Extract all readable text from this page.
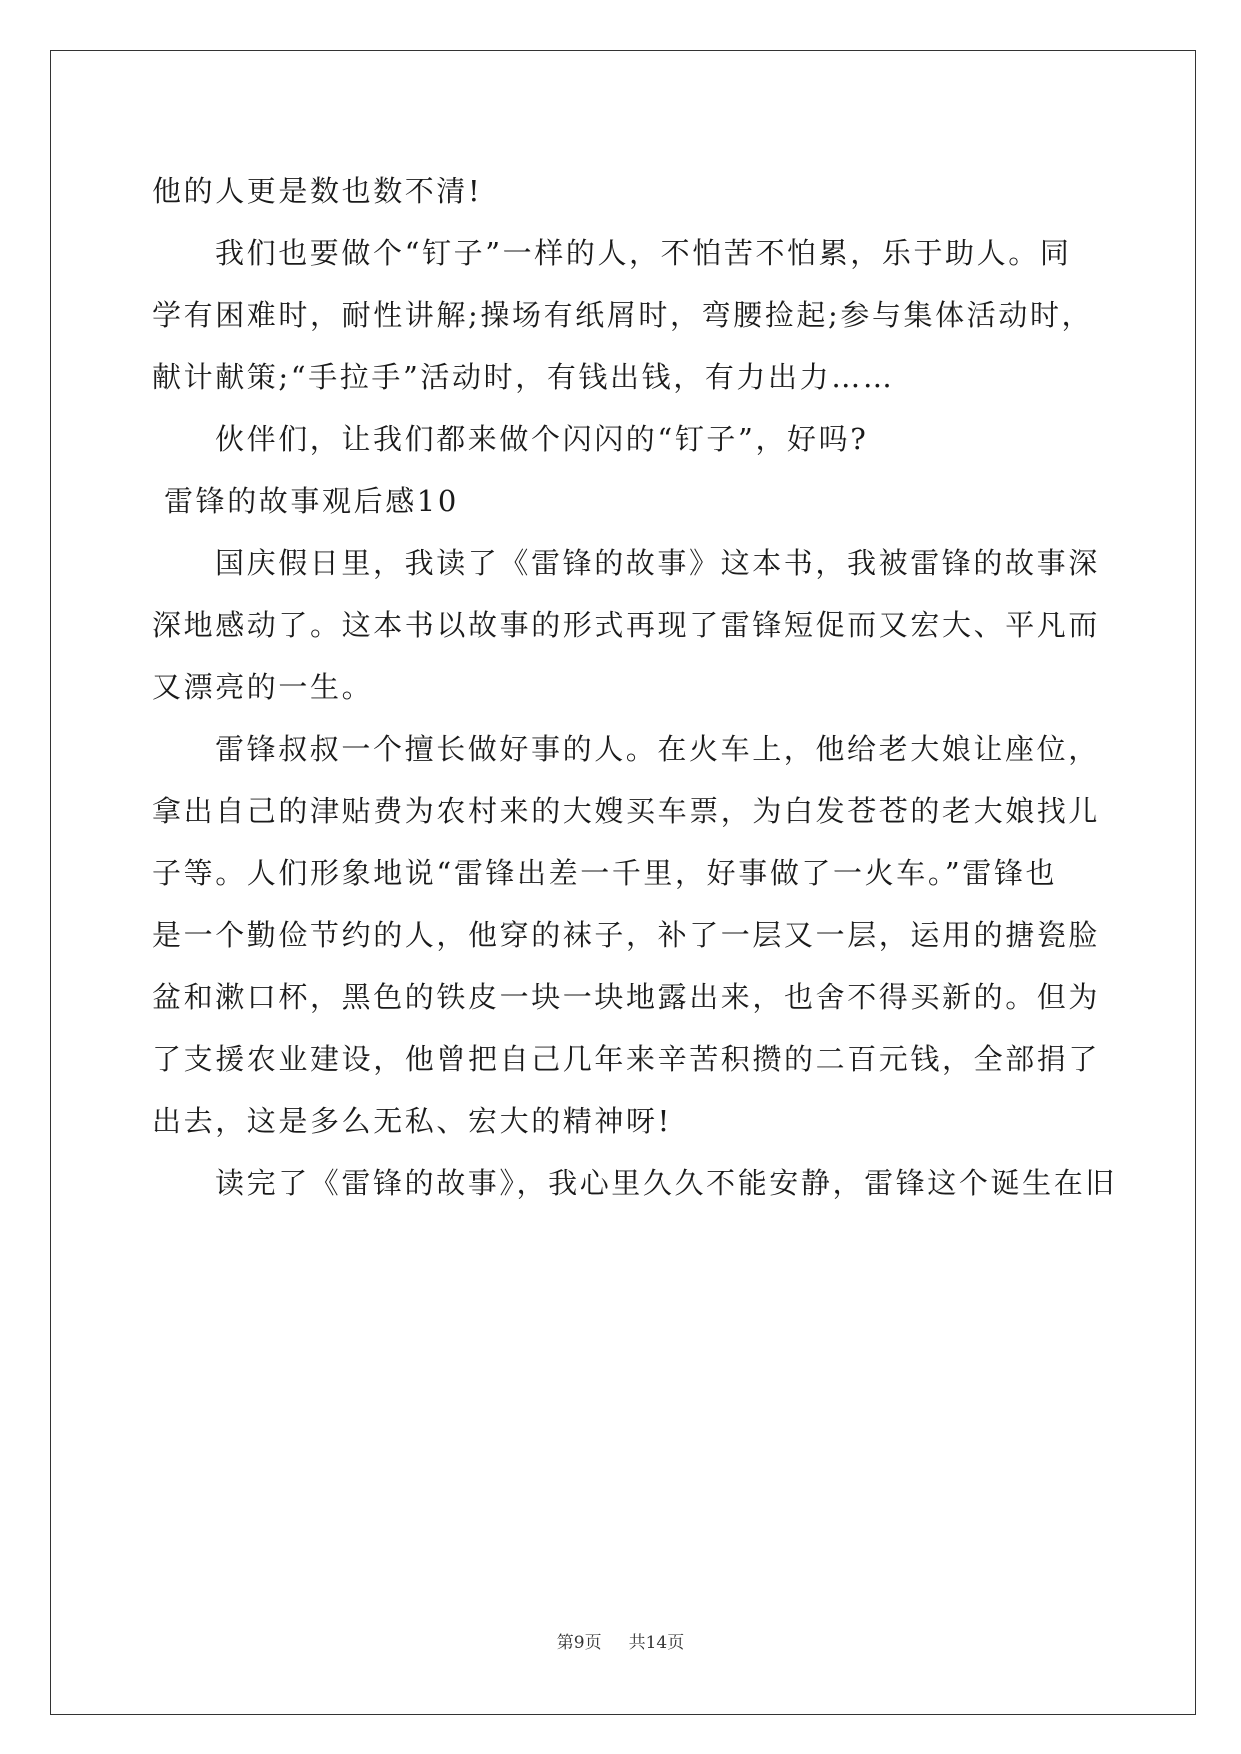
他的人更是数也数不清!
我们也要做个“钉子”一样的人，不怕苦不怕累，乐于助人。同
学有困难时，耐性讲解;操场有纸屑时，弯腰捡起;参与集体活动时，
献计献策;“手拉手”活动时，有钱出钱，有力出力……
伙伴们，让我们都来做个闪闪的“钉子”，好吗?
雷锋的故事观后感10
国庆假日里，我读了《雷锋的故事》这本书，我被雷锋的故事深
深地感动了。这本书以故事的形式再现了雷锋短促而又宏大、平凡而
又漂亮的一生。
雷锋叔叔一个擅长做好事的人。在火车上，他给老大娘让座位，
拿出自己的津贴费为农村来的大嫂买车票，为白发苍苍的老大娘找儿
子等。人们形象地说“雷锋出差一千里，好事做了一火车。”雷锋也
是一个勤俭节约的人，他穿的袜子，补了一层又一层，运用的搪瓷脸
盆和漱口杯，黑色的铁皮一块一块地露出来，也舍不得买新的。但为
了支援农业建设，他曾把自己几年来辛苦积攒的二百元钱，全部捐了
出去，这是多么无私、宏大的精神呀!
读完了《雷锋的故事》，我心里久久不能安静，雷锋这个诞生在旧
第9页 共14页
